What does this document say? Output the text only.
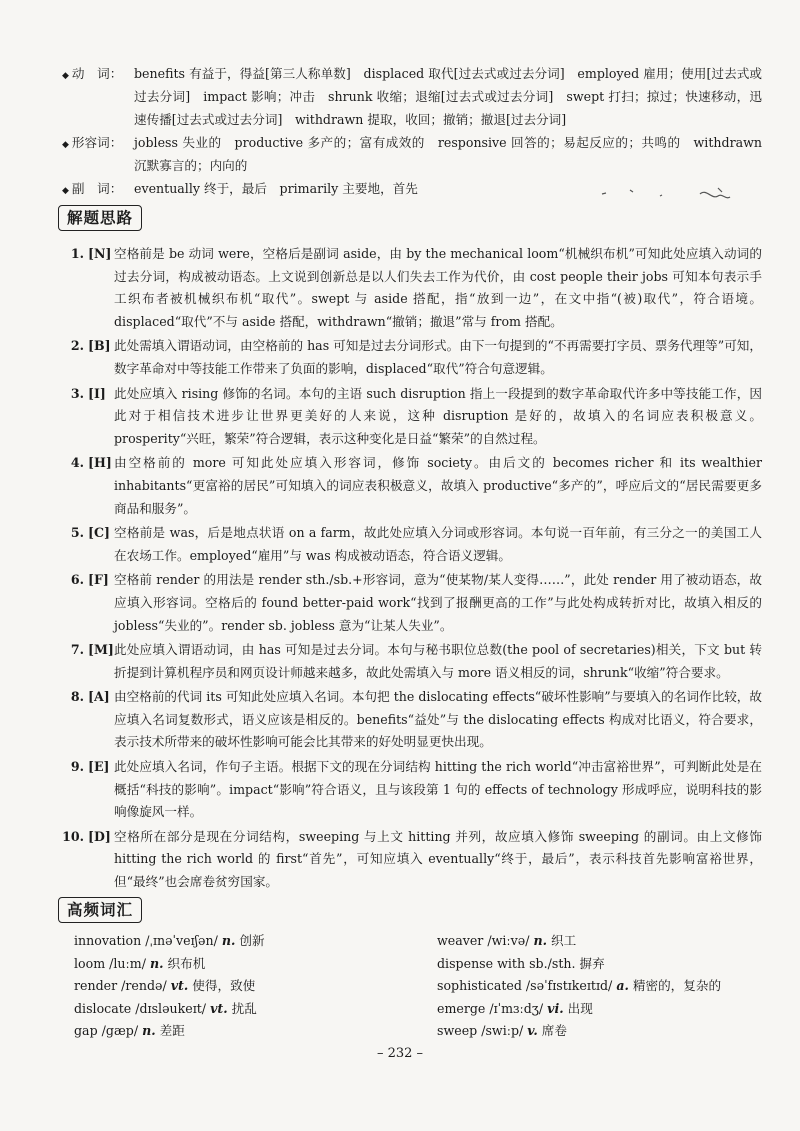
◆ 动　词： benefits 有益于，得益[第三人称单数]　displaced 取代[过去式或过去分词]　employed 雇用；使用[过去式或过去分词]　impact 影响；冲击　shrunk 收缩；退缩[过去式或过去分词]　swept 打扫；掠过；快速移动，迅速传播[过去式或过去分词]　withdrawn 提取，收回；撤销；撤退[过去分词]
◆ 形容词： jobless 失业的　productive 多产的；富有成效的　responsive 回答的；易起反应的；共鸣的　withdrawn 沉默寡言的；内向的
◆ 副　词： eventually 终于，最后　primarily 主要地，首先
解题思路
1. [N] 空格前是 be 动词 were，空格后是副词 aside，由 by the mechanical loom“机械织布机”可知此处应填入动词的过去分词，构成被动语态。上文说到创新总是以人们失去工作为代价，由 cost people their jobs 可知本句表示手工织布者被机械织布机“取代”。swept 与 aside 搭配，指“放到一边”，在文中指“(被)取代”，符合语境。displaced“取代”不与 aside 搭配，withdrawn“撤销；撤退”常与 from 搭配。
2. [B] 此处需填入谓语动词，由空格前的 has 可知是过去分词形式。由下一句提到的“不再需要打字员、票务代理等”可知，数字革命对中等技能工作带来了负面的影响，displaced“取代”符合句意逻辑。
3. [I] 此处应填入 rising 修饰的名词。本句的主语 such disruption 指上一段提到的数字革命取代许多中等技能工作，因此对于相信技术进步让世界更美好的人来说，这种 disruption 是好的，故填入的名词应表积极意义。prosperity“兴旺，繁荣”符合逻辑，表示这种变化是日益“繁荣”的自然过程。
4. [H] 由空格前的 more 可知此处应填入形容词，修饰 society。由后文的 becomes richer 和 its wealthier inhabitants“更富裕的居民”可知填入的词应表积极意义，故填入 productive“多产的”，呼应后文的“居民需要更多商品和服务”。
5. [C] 空格前是 was，后是地点状语 on a farm，故此处应填入分词或形容词。本句说一百年前，有三分之一的美国工人在农场工作。employed“雇用”与 was 构成被动语态，符合语义逻辑。
6. [F] 空格前 render 的用法是 render sth./sb.+形容词，意为“使某物/某人变得……”，此处 render 用了被动语态，故应填入形容词。空格后的 found better-paid work“找到了报酬更高的工作”与此处构成转折对比，故填入相反的 jobless“失业的”。render sb. jobless 意为“让某人失业”。
7. [M] 此处应填入谓语动词，由 has 可知是过去分词。本句与秘书职位总数(the pool of secretaries)相关，下文 but 转折提到计算机程序员和网页设计师越来越多，故此处需填入与 more 语义相反的词，shrunk“收缩”符合要求。
8. [A] 由空格前的代词 its 可知此处应填入名词。本句把 the dislocating effects“破坏性影响”与要填入的名词作比较，故应填入名词复数形式，语义应该是相反的。benefits“益处”与 the dislocating effects 构成对比语义，符合要求，表示技术所带来的破坏性影响可能会比其带来的好处明显更快出现。
9. [E] 此处应填入名词，作句子主语。根据下文的现在分词结构 hitting the rich world“冲击富裕世界”，可判断此处是在概括“科技的影响”。impact“影响”符合语义，且与该段第 1 句的 effects of technology 形成呼应，说明科技的影响像旋风一样。
10. [D] 空格所在部分是现在分词结构，sweeping 与上文 hitting 并列，故应填入修饰 sweeping 的副词。由上文修饰 hitting the rich world 的 first“首先”，可知应填入 eventually“终于，最后”，表示科技首先影响富裕世界，但“最终”也会席卷贫穷国家。
高频词汇
innovation /ˌɪnəˈveɪʃən/ n. 创新
loom /luːm/ n. 织布机
render /rendə/ vt. 使得，致使
dislocate /dɪsləukeɪt/ vt. 扰乱
gap /gæp/ n. 差距
weaver /wiːvə/ n. 织工
dispense with sb./sth. 摒弃
sophisticated /səˈfɪstɪkeɪtɪd/ a. 精密的，复杂的
emerge /ɪˈmɜːdʒ/ vi. 出现
sweep /swiːp/ v. 席卷
– 232 –
